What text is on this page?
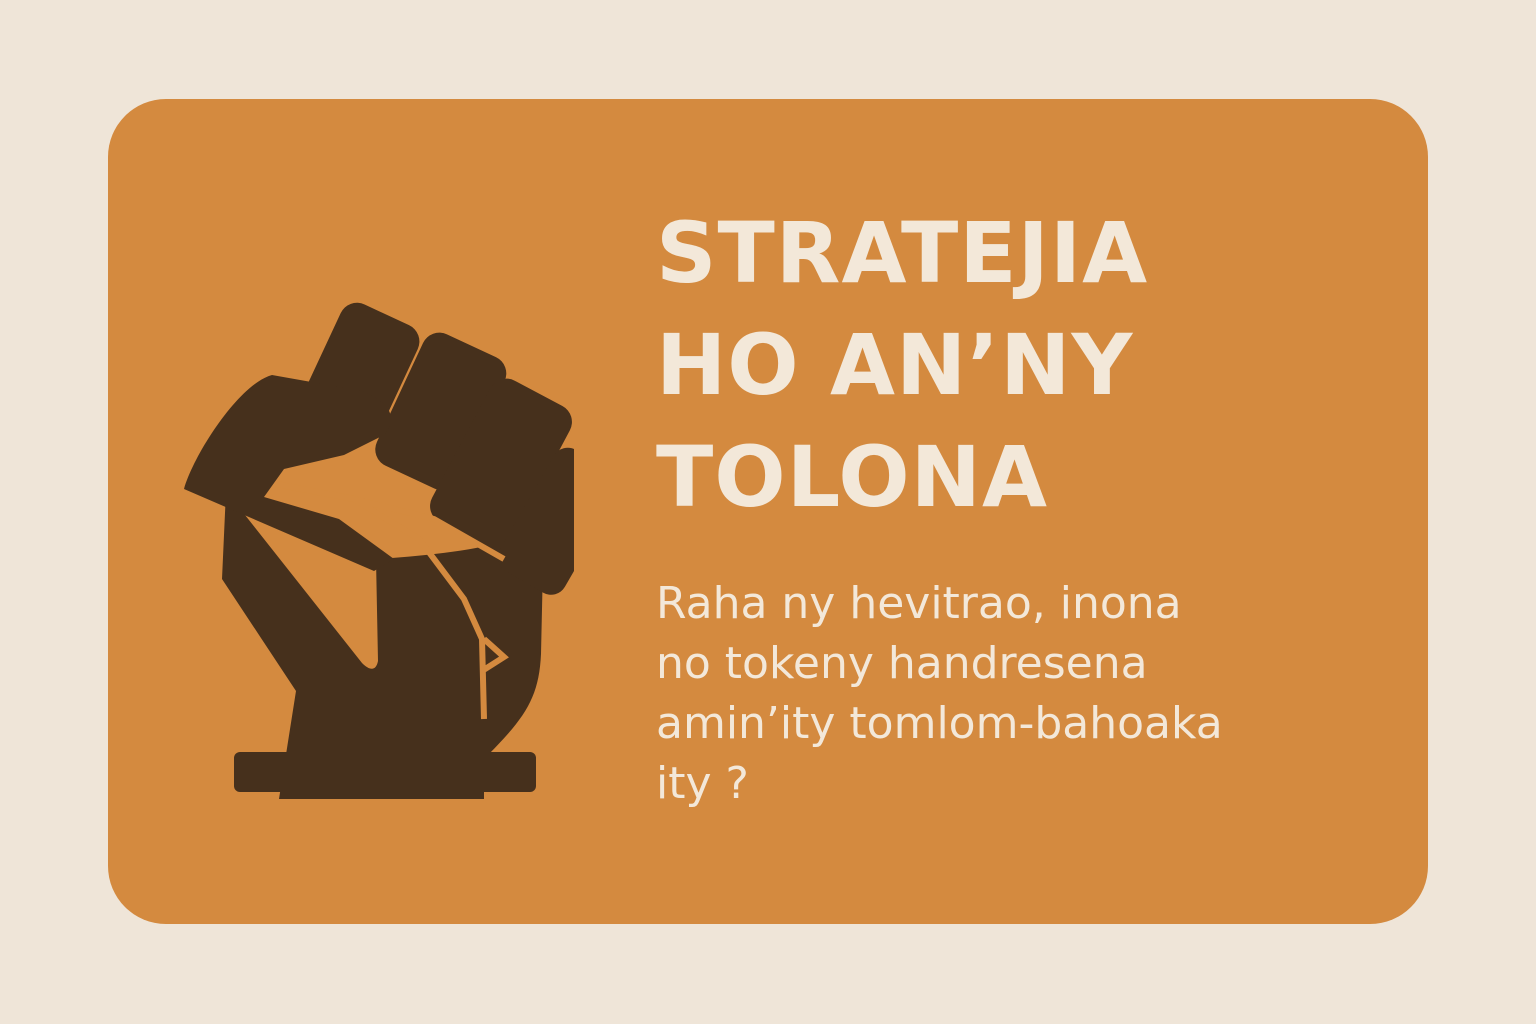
STRATEJIA
HO AN’NY
TOLONA

Raha ny hevitrao, inona
no tokeny handresena
amin’ity tomlom-bahoaka
ity ?
